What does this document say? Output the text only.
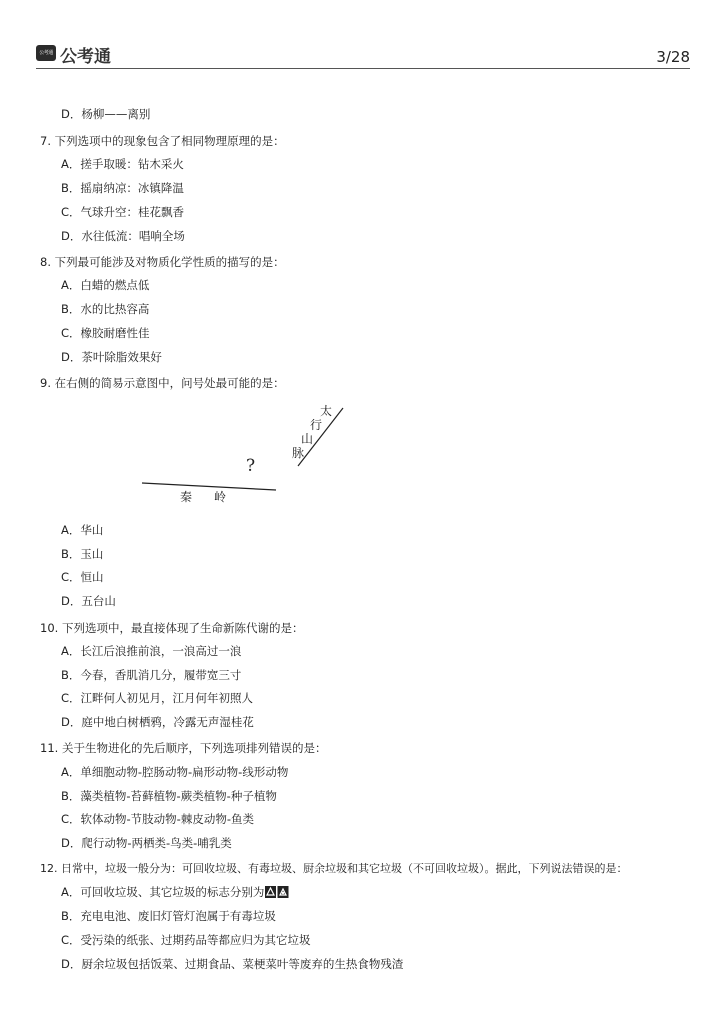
公考通 公考通	3/28
D．杨柳——离别
7. 下列选项中的现象包含了相同物理原理的是：
A．搓手取暖：钻木采火
B．摇扇纳凉：冰镇降温
C．气球升空：桂花飘香
D．水往低流：唱响全场
8. 下列最可能涉及对物质化学性质的描写的是：
A．白蜡的燃点低
B．水的比热容高
C．橡胶耐磨性佳
D．茶叶除脂效果好
9. 在右侧的简易示意图中，问号处最可能的是：
A．华山
B．玉山
C．恒山
D．五台山
10. 下列选项中，最直接体现了生命新陈代谢的是：
A．长江后浪推前浪，一浪高过一浪
B．今春，香肌消几分，履带宽三寸
C．江畔何人初见月，江月何年初照人
D．庭中地白树栖鸦，冷露无声湿桂花
11. 关于生物进化的先后顺序，下列选项排列错误的是：
A．单细胞动物-腔肠动物-扁形动物-线形动物
B．藻类植物-苔藓植物-蕨类植物-种子植物
C．软体动物-节肢动物-棘皮动物-鱼类
D．爬行动物-两栖类-鸟类-哺乳类
12. 日常中，垃圾一般分为：可回收垃圾、有毒垃圾、厨余垃圾和其它垃圾（不可回收垃圾）。据此，下列说法错误的是：
A．可回收垃圾、其它垃圾的标志分别为
B．充电电池、废旧灯管灯泡属于有毒垃圾
C．受污染的纸张、过期药品等都应归为其它垃圾
D．厨余垃圾包括饭菜、过期食品、菜梗菜叶等废弃的生热食物残渣
太
行
山
脉
?
秦 岭
